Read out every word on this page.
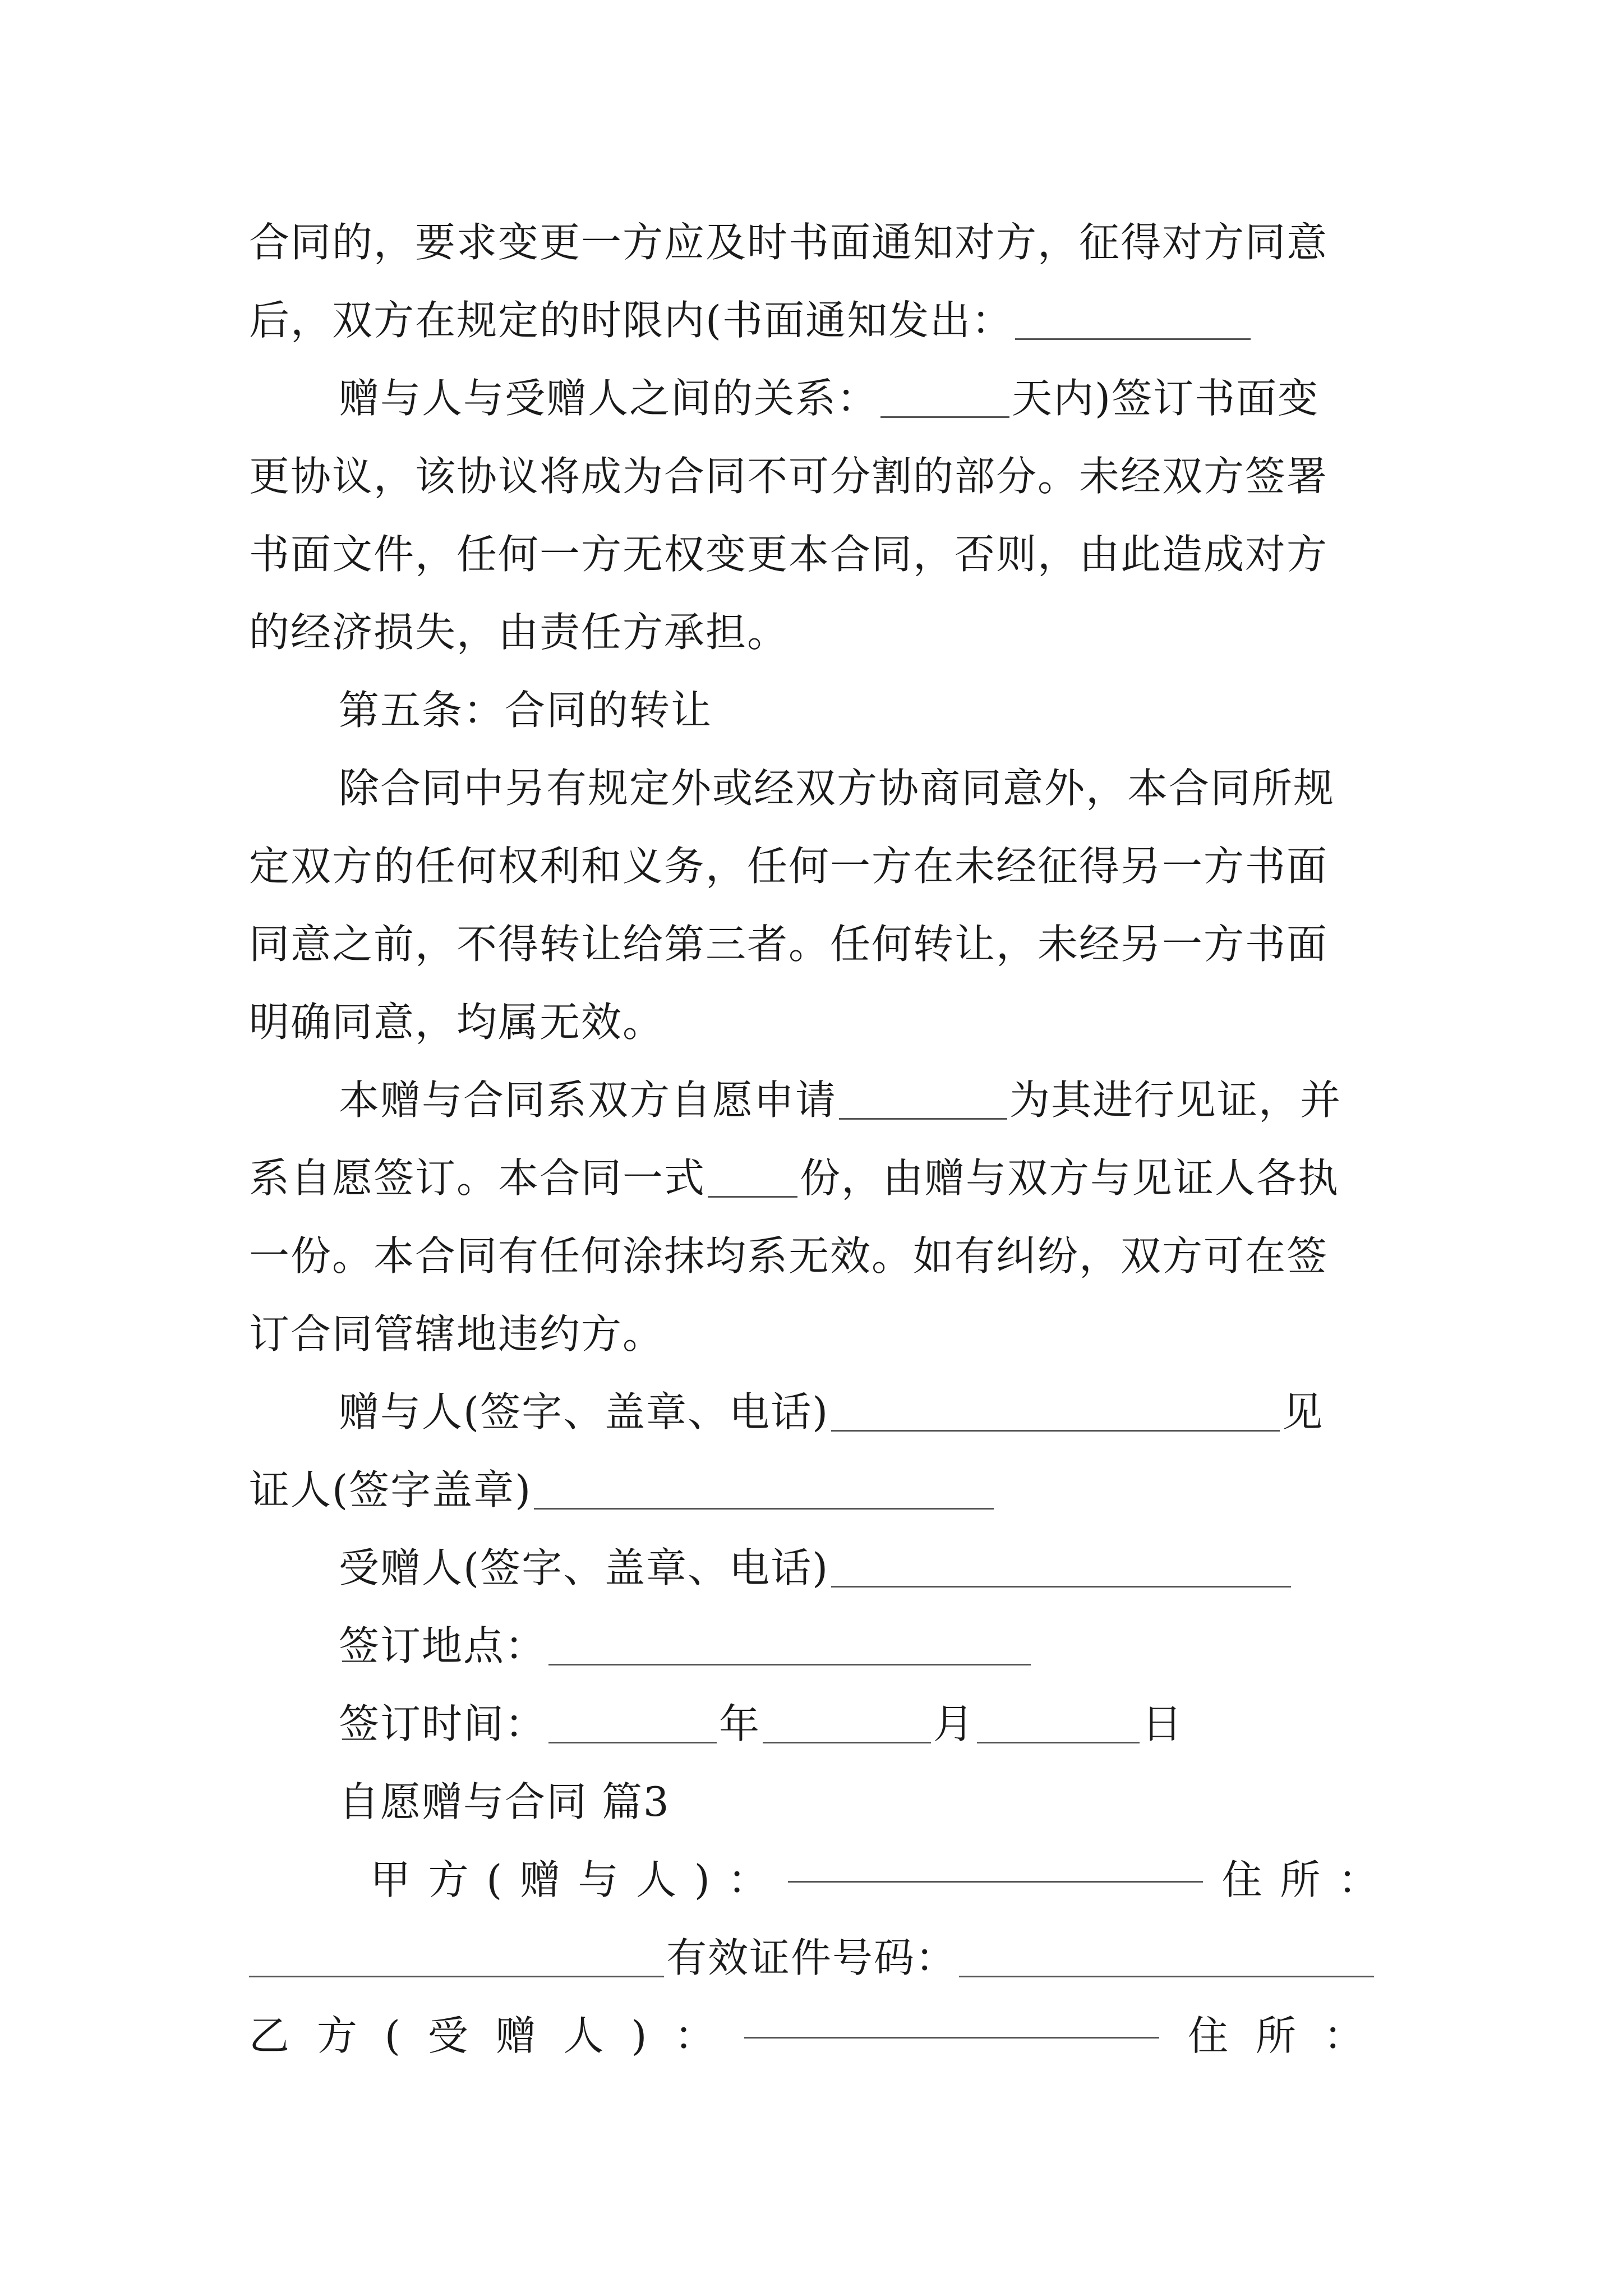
合同的，要求变更一方应及时书面通知对方，征得对方同意
后，双方在规定的时限内(书面通知发出：
赠与人与受赠人之间的关系：	天内)签订书面变
更协议，该协议将成为合同不可分割的部分。未经双方签署
书面文件，任何一方无权变更本合同，否则，由此造成对方
的经济损失，由责任方承担。
第五条：合同的转让
除合同中另有规定外或经双方协商同意外，本合同所规
定双方的任何权利和义务，任何一方在未经征得另一方书面
同意之前，不得转让给第三者。任何转让，未经另一方书面
明确同意，均属无效。
本赠与合同系双方自愿申请	为其进行见证，并
系自愿签订。本合同一式 份，由赠与双方与见证人各执
一份。本合同有任何涂抹均系无效。如有纠纷，双方可在签
订合同管辖地违约方。
赠与人(签字、盖章、电话)	见
证人(签字盖章)
受赠人(签字、盖章、电话)
签订地点：
签订时间：	年	月	日
自愿赠与合同 篇3
甲 方 ( 赠 与 人 ) ：	住 所 ：
有效证件号码：
乙 方 ( 受 赠 人 ) ：	住 所 ：
